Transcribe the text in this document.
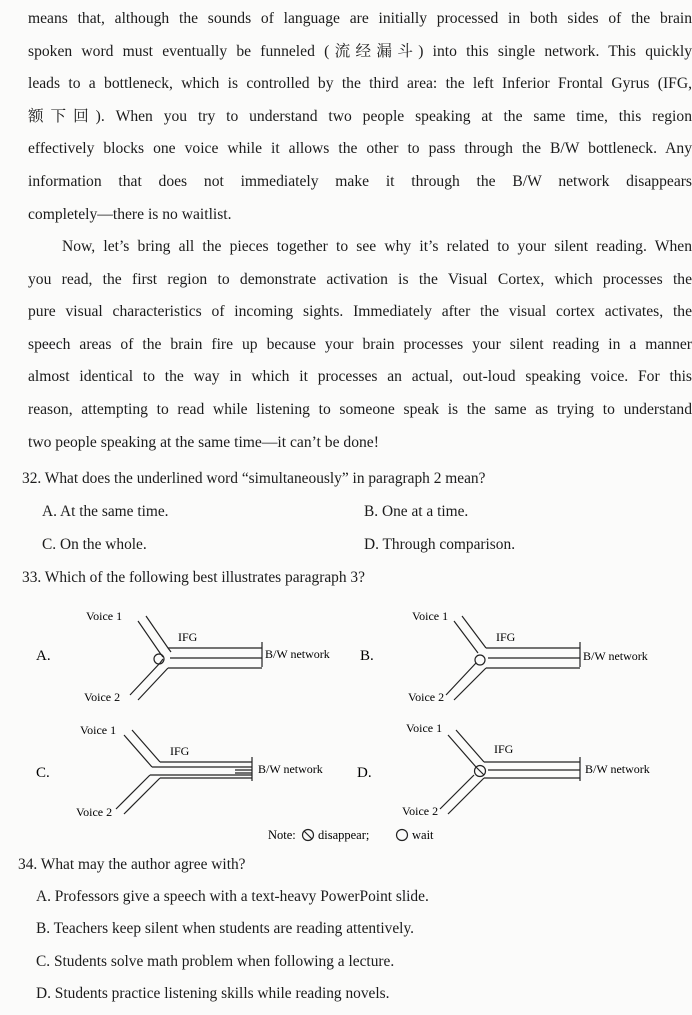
means that, although the sounds of language are initially processed in both sides of the brain
spoken word must eventually be funneled (流经漏斗) into this single network. This quickly
leads to a bottleneck, which is controlled by the third area: the left Inferior Frontal Gyrus (IFG,
额下回). When you try to understand two people speaking at the same time, this region
effectively blocks one voice while it allows the other to pass through the B/W bottleneck. Any
information that does not immediately make it through the B/W network disappears
completely—there is no waitlist.
Now, let’s bring all the pieces together to see why it’s related to your silent reading. When
you read, the first region to demonstrate activation is the Visual Cortex, which processes the
pure visual characteristics of incoming sights. Immediately after the visual cortex activates, the
speech areas of the brain fire up because your brain processes your silent reading in a manner
almost identical to the way in which it processes an actual, out-loud speaking voice. For this
reason, attempting to read while listening to someone speak is the same as trying to understand
two people speaking at the same time—it can’t be done!
32. What does the underlined word “simultaneously” in paragraph 2 mean?
A. At the same time.	B. One at a time.
C. On the whole.	D. Through comparison.
33. Which of the following best illustrates paragraph 3?
A.
Voice 1
Voice 2
IFG
B/W network B.
Voice 1
Voice 2
IFG
B/W network
C.
Voice 1
Voice 2
IFG
B/W network D.
Voice 1
Voice 2
IFG
B/W network
Note: disappear;	wait
34. What may the author agree with?
A. Professors give a speech with a text-heavy PowerPoint slide.
B. Teachers keep silent when students are reading attentively.
C. Students solve math problem when following a lecture.
D. Students practice listening skills while reading novels.
